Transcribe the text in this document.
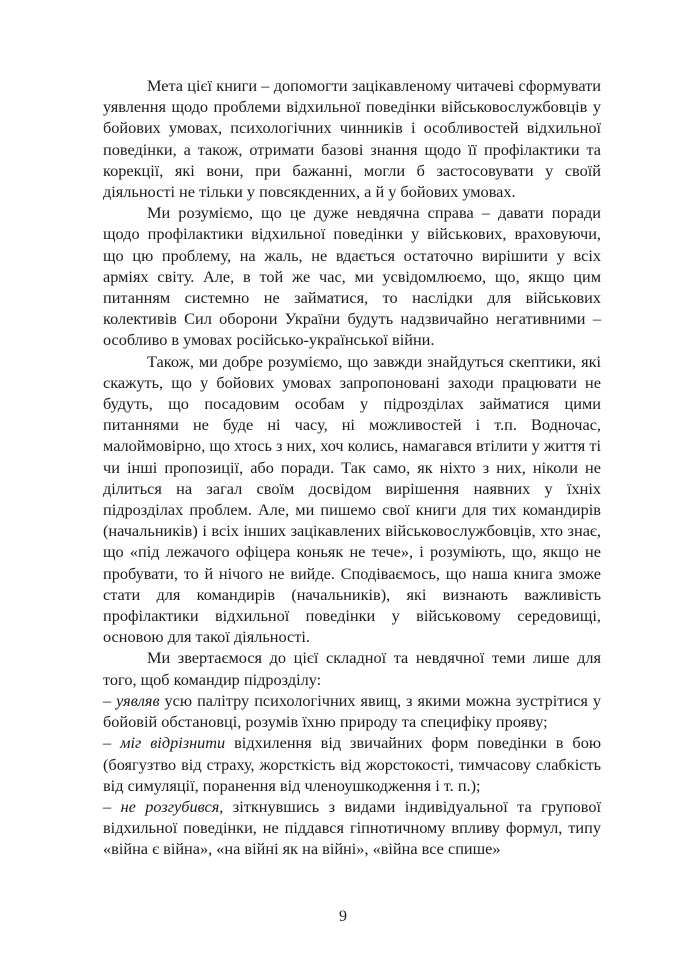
Мета цієї книги – допомогти зацікавленому читачеві сформувати уявлення щодо проблеми відхильної поведінки військовослужбовців у бойових умовах, психологічних чинників і особливостей відхильної поведінки, а також, отримати базові знання щодо її профілактики та корекції, які вони, при бажанні, могли б застосовувати у своїй діяльності не тільки у повсякденних, а й у бойових умовах.

Ми розуміємо, що це дуже невдячна справа – давати поради щодо профілактики відхильної поведінки у військових, враховуючи, що цю проблему, на жаль, не вдається остаточно вирішити у всіх арміях світу. Але, в той же час, ми усвідомлюємо, що, якщо цим питанням системно не займатися, то наслідки для військових колективів Сил оборони України будуть надзвичайно негативними – особливо в умовах російсько-української війни.

Також, ми добре розуміємо, що завжди знайдуться скептики, які скажуть, що у бойових умовах запропоновані заходи працювати не будуть, що посадовим особам у підрозділах займатися цими питаннями не буде ні часу, ні можливостей і т.п. Водночас, малоймовірно, що хтось з них, хоч колись, намагався втілити у життя ті чи інші пропозиції, або поради. Так само, як ніхто з них, ніколи не ділиться на загал своїм досвідом вирішення наявних у їхніх підрозділах проблем. Але, ми пишемо свої книги для тих командирів (начальників) і всіх інших зацікавлених військовослужбовців, хто знає, що «під лежачого офіцера коньяк не тече», і розуміють, що, якщо не пробувати, то й нічого не вийде. Сподіваємось, що наша книга зможе стати для командирів (начальників), які визнають важливість профілактики відхильної поведінки у військовому середовищі, основою для такої діяльності.

Ми звертаємося до цієї складної та невдячної теми лише для того, щоб командир підрозділу:

– уявляв усю палітру психологічних явищ, з якими можна зустрітися у бойовій обстановці, розумів їхню природу та специфіку прояву;

– міг відрізнити відхилення від звичайних форм поведінки в бою (боягузтво від страху, жорсткість від жорстокості, тимчасову слабкість від симуляції, поранення від членоушкодження і т. п.);

– не розгубився, зіткнувшись з видами індивідуальної та групової відхильної поведінки, не піддався гіпнотичному впливу формул, типу «війна є війна», «на війні як на війні», «війна все спише»

9
